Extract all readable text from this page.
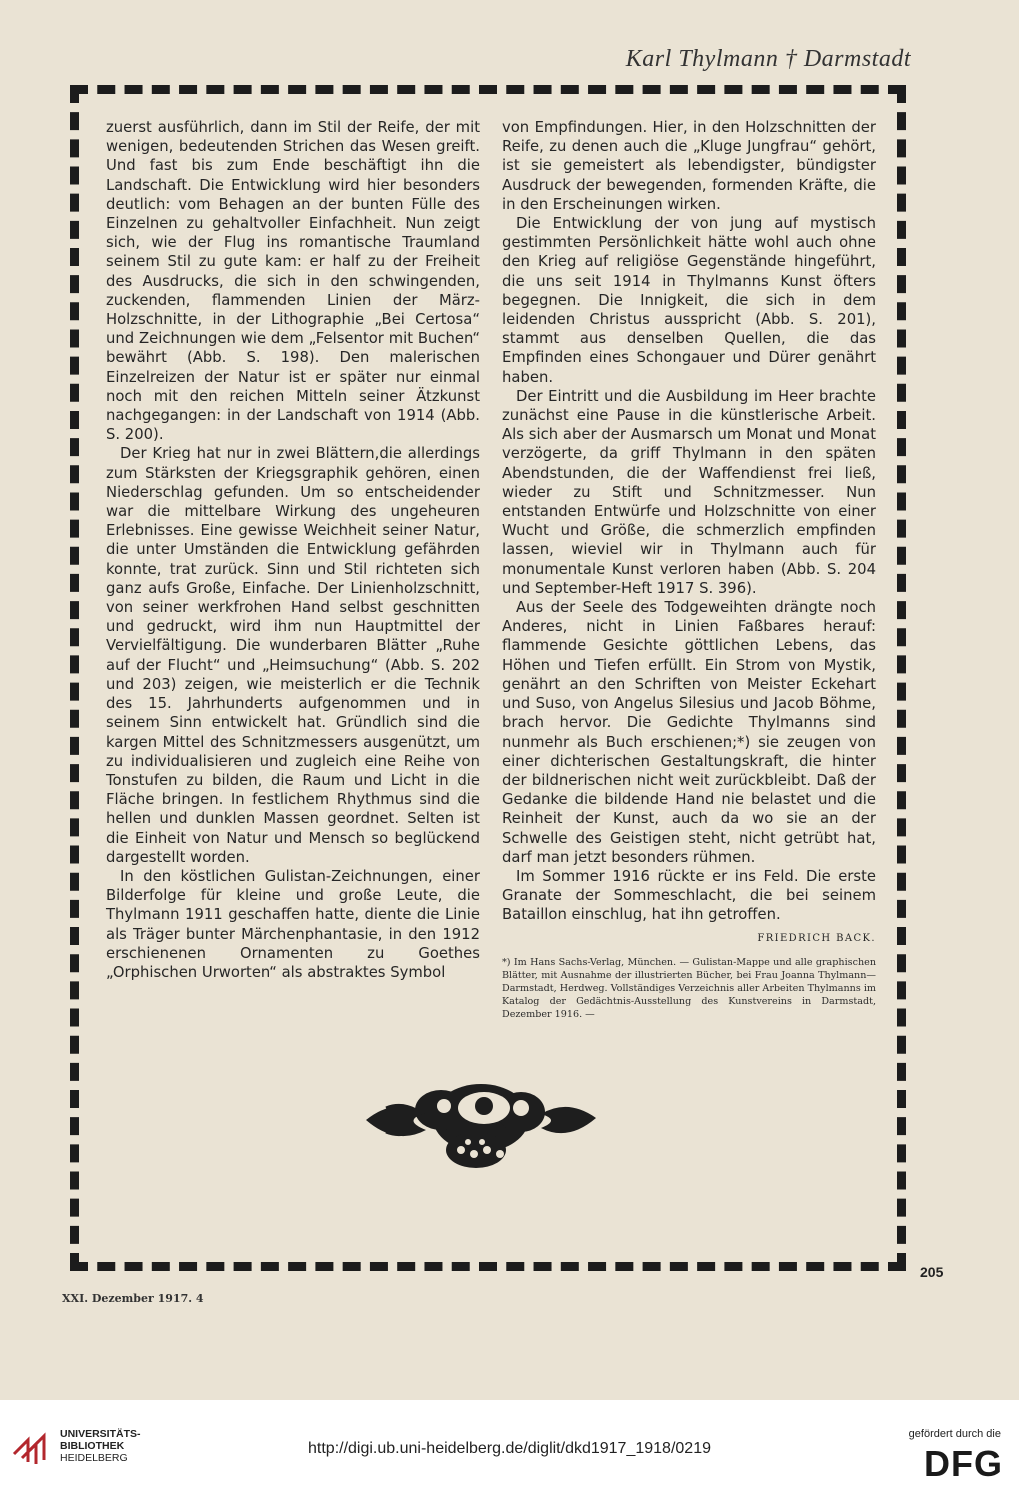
Karl Thylmann † Darmstadt

zuerst ausführlich, dann im Stil der Reife, der mit wenigen, bedeutenden Strichen das Wesen greift. Und fast bis zum Ende beschäftigt ihn die Landschaft. Die Entwicklung wird hier besonders deutlich: vom Behagen an der bunten Fülle des Einzelnen zu gehaltvoller Einfachheit. Nun zeigt sich, wie der Flug ins romantische Traumland seinem Stil zu gute kam: er half zu der Freiheit des Ausdrucks, die sich in den schwingenden, zuckenden, flammenden Linien der März-Holzschnitte, in der Lithographie „Bei Certosa“ und Zeichnungen wie dem „Felsentor mit Buchen“ bewährt (Abb. S. 198). Den malerischen Einzelreizen der Natur ist er später nur einmal noch mit den reichen Mitteln seiner Ätzkunst nachgegangen: in der Landschaft von 1914 (Abb. S. 200).

Der Krieg hat nur in zwei Blättern,die allerdings zum Stärksten der Kriegsgraphik gehören, einen Niederschlag gefunden. Um so entscheidender war die mittelbare Wirkung des ungeheuren Erlebnisses. Eine gewisse Weichheit seiner Natur, die unter Umständen die Entwicklung gefährden konnte, trat zurück. Sinn und Stil richteten sich ganz aufs Große, Einfache. Der Linienholzschnitt, von seiner werkfrohen Hand selbst geschnitten und gedruckt, wird ihm nun Hauptmittel der Vervielfältigung. Die wunderbaren Blätter „Ruhe auf der Flucht“ und „Heimsuchung“ (Abb. S. 202 und 203) zeigen, wie meisterlich er die Technik des 15. Jahrhunderts aufgenommen und in seinem Sinn entwickelt hat. Gründlich sind die kargen Mittel des Schnitzmessers ausgenützt, um zu individualisieren und zugleich eine Reihe von Tonstufen zu bilden, die Raum und Licht in die Fläche bringen. In festlichem Rhythmus sind die hellen und dunklen Massen geordnet. Selten ist die Einheit von Natur und Mensch so beglückend dargestellt worden.

In den köstlichen Gulistan-Zeichnungen, einer Bilderfolge für kleine und große Leute, die Thylmann 1911 geschaffen hatte, diente die Linie als Träger bunter Märchenphantasie, in den 1912 erschienenen Ornamenten zu Goethes „Orphischen Urworten“ als abstraktes Symbol

von Empfindungen. Hier, in den Holzschnitten der Reife, zu denen auch die „Kluge Jungfrau“ gehört, ist sie gemeistert als lebendigster, bündigster Ausdruck der bewegenden, formenden Kräfte, die in den Erscheinungen wirken.

Die Entwicklung der von jung auf mystisch gestimmten Persönlichkeit hätte wohl auch ohne den Krieg auf religiöse Gegenstände hingeführt, die uns seit 1914 in Thylmanns Kunst öfters begegnen. Die Innigkeit, die sich in dem leidenden Christus ausspricht (Abb. S. 201), stammt aus denselben Quellen, die das Empfinden eines Schongauer und Dürer genährt haben.

Der Eintritt und die Ausbildung im Heer brachte zunächst eine Pause in die künstlerische Arbeit. Als sich aber der Ausmarsch um Monat und Monat verzögerte, da griff Thylmann in den späten Abendstunden, die der Waffendienst frei ließ, wieder zu Stift und Schnitzmesser. Nun entstanden Entwürfe und Holzschnitte von einer Wucht und Größe, die schmerzlich empfinden lassen, wieviel wir in Thylmann auch für monumentale Kunst verloren haben (Abb. S. 204 und September-Heft 1917 S. 396).

Aus der Seele des Todgeweihten drängte noch Anderes, nicht in Linien Faßbares herauf: flammende Gesichte göttlichen Lebens, das Höhen und Tiefen erfüllt. Ein Strom von Mystik, genährt an den Schriften von Meister Eckehart und Suso, von Angelus Silesius und Jacob Böhme, brach hervor. Die Gedichte Thylmanns sind nunmehr als Buch erschienen;*) sie zeugen von einer dichterischen Gestaltungskraft, die hinter der bildnerischen nicht weit zurückbleibt. Daß der Gedanke die bildende Hand nie belastet und die Reinheit der Kunst, auch da wo sie an der Schwelle des Geistigen steht, nicht getrübt hat, darf man jetzt besonders rühmen.

Im Sommer 1916 rückte er ins Feld. Die erste Granate der Sommeschlacht, die bei seinem Bataillon einschlug, hat ihn getroffen.

FRIEDRICH BACK.
*) Im Hans Sachs-Verlag, München. — Gulistan-Mappe und alle graphischen Blätter, mit Ausnahme der illustrierten Bücher, bei Frau Joanna Thylmann—Darmstadt, Herdweg. Vollständiges Verzeichnis aller Arbeiten Thylmanns im Katalog der Gedächtnis-Ausstellung des Kunstvereins in Darmstadt, Dezember 1916. —
205
XXI. Dezember 1917. 4
UNIVERSITÄTS-
BIBLIOTHEK
HEIDELBERG
http://digi.ub.uni-heidelberg.de/diglit/dkd1917_1918/0219
gefördert durch die
DFG
